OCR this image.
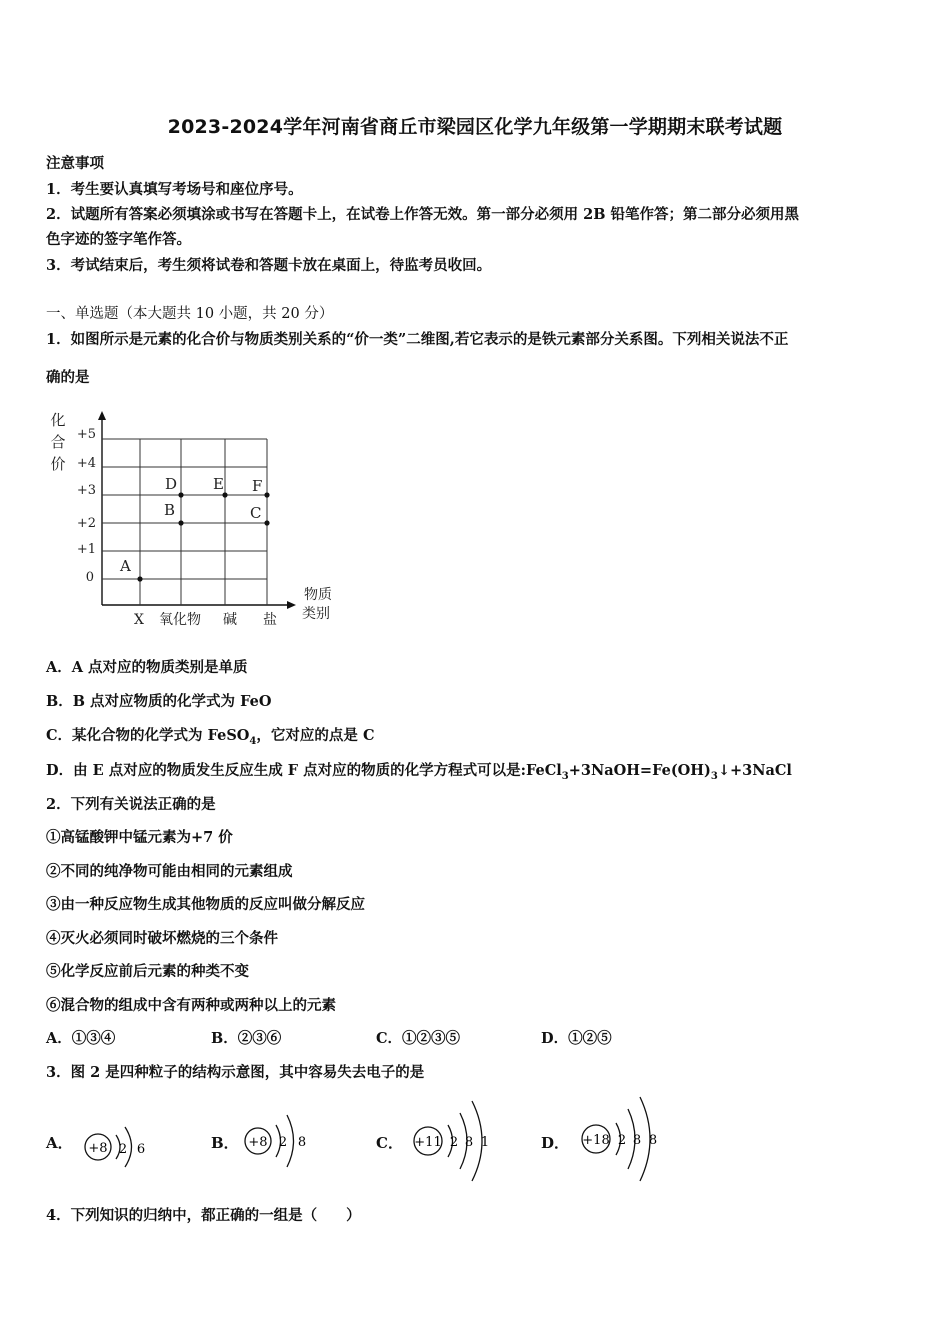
2023-2024学年河南省商丘市梁园区化学九年级第一学期期末联考试题
注意事项
1．考生要认真填写考场号和座位序号。
2．试题所有答案必须填涂或书写在答题卡上，在试卷上作答无效。第一部分必须用 2B 铅笔作答；第二部分必须用黑
色字迹的签字笔作答。
3．考试结束后，考生须将试卷和答题卡放在桌面上，待监考员收回。
一、单选题（本大题共 10 小题，共 20 分）
1．如图所示是元素的化合价与物质类别关系的“价一类”二维图,若它表示的是铁元素部分关系图。下列相关说法不正
确的是
化
合
价
+5
+4
+3
+2
+1
0
X 氧化物 碱 盐
物质
类别
A
B	C
D E F
A．A 点对应的物质类别是单质
B．B 点对应物质的化学式为 FeO
C．某化合物的化学式为 FeSO$_4$，它对应的点是 C
D．由 E 点对应的物质发生反应生成 F 点对应的物质的化学方程式可以是$:FeCl_3+3NaOH=Fe(OH)_3↓+3NaCl$
2．下列有关说法正确的是
①高锰酸钾中锰元素为+7 价
②不同的纯净物可能由相同的元素组成
③由一种反应物生成其他物质的反应叫做分解反应
④灭火必须同时破坏燃烧的三个条件
⑤化学反应前后元素的种类不变
⑥混合物的组成中含有两种或两种以上的元素
A．①③④	B．②③⑥	C．①②③⑤	D．①②⑤
3．图 2 是四种粒子的结构示意图，其中容易失去电子的是
A． +8 2 6	B． +8 2 8	C． +11 2 8 1	D． +18 2 8 8
4．下列知识的归纳中，都正确的一组是（　　）
